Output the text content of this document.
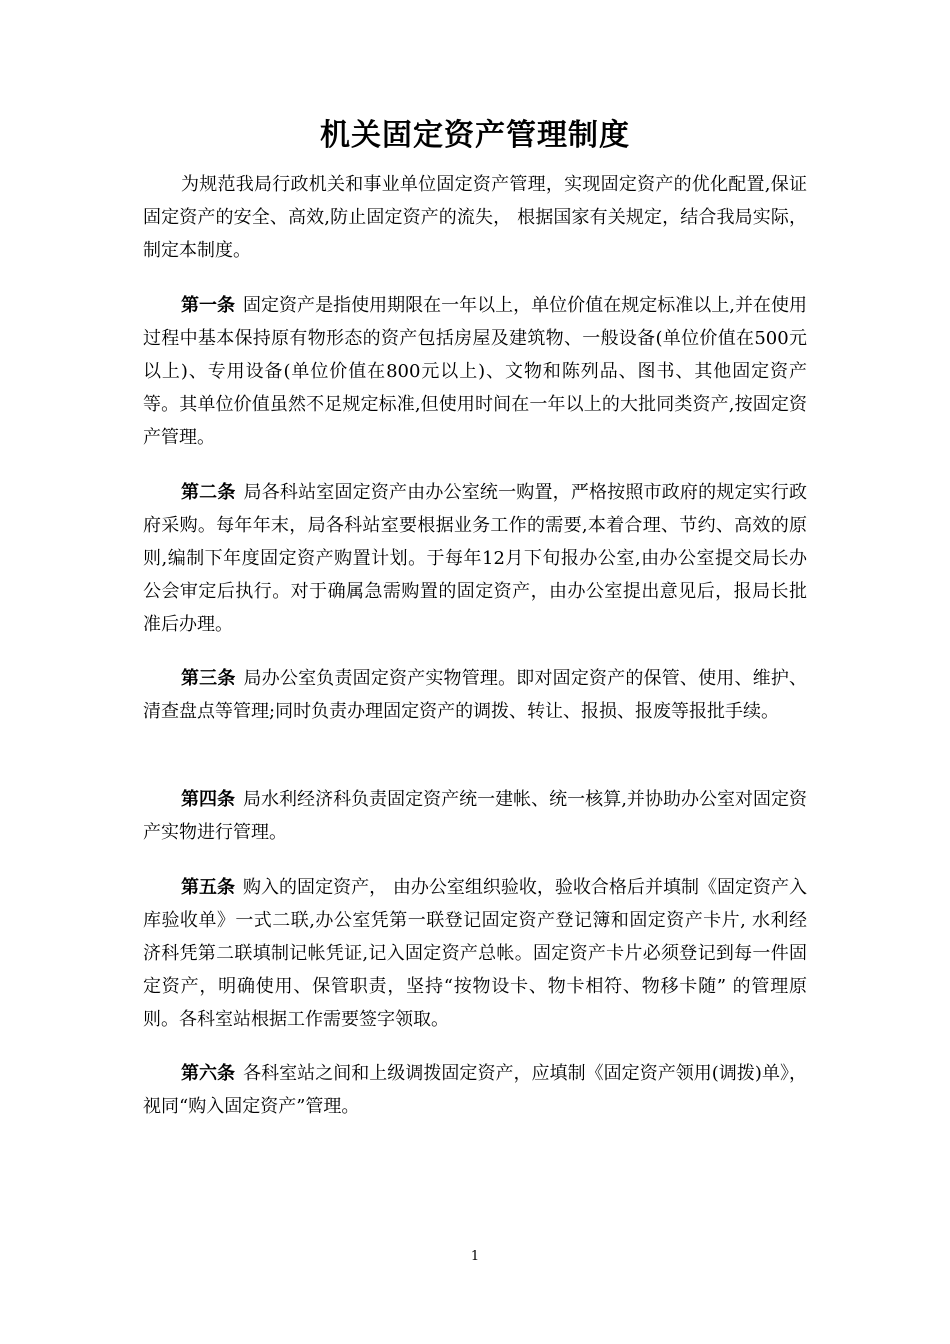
机关固定资产管理制度

为规范我局行政机关和事业单位固定资产管理，实现固定资产的优化配置,保证固定资产的安全、高效,防止固定资产的流失， 根据国家有关规定，结合我局实际，制定本制度。

第一条 固定资产是指使用期限在一年以上，单位价值在规定标准以上,并在使用过程中基本保持原有物形态的资产包括房屋及建筑物、一般设备(单位价值在500元以上)、专用设备(单位价值在800元以上)、文物和陈列品、图书、其他固定资产等。其单位价值虽然不足规定标准,但使用时间在一年以上的大批同类资产,按固定资产管理。

第二条 局各科站室固定资产由办公室统一购置，严格按照市政府的规定实行政府采购。每年年末，局各科站室要根据业务工作的需要,本着合理、节约、高效的原则,编制下年度固定资产购置计划。于每年12月下旬报办公室,由办公室提交局长办公会审定后执行。对于确属急需购置的固定资产，由办公室提出意见后，报局长批准后办理。

第三条 局办公室负责固定资产实物管理。即对固定资产的保管、使用、维护、清查盘点等管理;同时负责办理固定资产的调拨、转让、报损、报废等报批手续。

第四条 局水利经济科负责固定资产统一建帐、统一核算,并协助办公室对固定资产实物进行管理。

第五条 购入的固定资产， 由办公室组织验收，验收合格后并填制《固定资产入库验收单》一式二联,办公室凭第一联登记固定资产登记簿和固定资产卡片, 水利经济科凭第二联填制记帐凭证,记入固定资产总帐。固定资产卡片必须登记到每一件固定资产，明确使用、保管职责，坚持“按物设卡、物卡相符、物移卡随” 的管理原则。各科室站根据工作需要签字领取。

第六条 各科室站之间和上级调拨固定资产，应填制《固定资产领用(调拨)单》，视同“购入固定资产”管理。

1
